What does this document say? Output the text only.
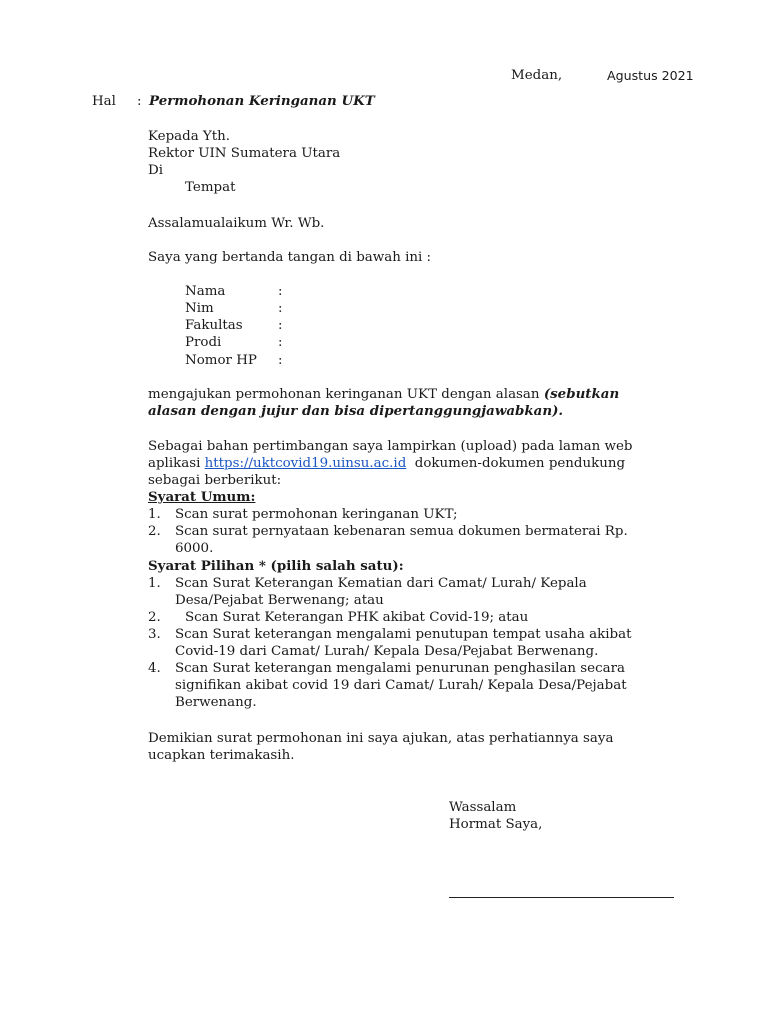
Medan,	Agustus 2021
Hal : Permohonan Keringanan UKT
Kepada Yth.
Rektor UIN Sumatera Utara
Di
Tempat
Assalamualaikum Wr. Wb.
Saya yang bertanda tangan di bawah ini :
Nama	:
Nim	:
Fakultas	:
Prodi	:
Nomor HP :
mengajukan permohonan keringanan UKT dengan alasan (sebutkan
alasan dengan jujur dan bisa dipertanggungjawabkan).
Sebagai bahan pertimbangan saya lampirkan (upload) pada laman web
aplikasi https://uktcovid19.uinsu.ac.id dokumen-dokumen pendukung
sebagai berberikut:
Syarat Umum:
1. Scan surat permohonan keringanan UKT;
2. Scan surat pernyataan kebenaran semua dokumen bermaterai Rp.
6000.
Syarat Pilihan * (pilih salah satu):
1. Scan Surat Keterangan Kematian dari Camat/ Lurah/ Kepala
Desa/Pejabat Berwenang; atau
2. Scan Surat Keterangan PHK akibat Covid-19; atau
3. Scan Surat keterangan mengalami penutupan tempat usaha akibat
Covid-19 dari Camat/ Lurah/ Kepala Desa/Pejabat Berwenang.
4. Scan Surat keterangan mengalami penurunan penghasilan secara
signifikan akibat covid 19 dari Camat/ Lurah/ Kepala Desa/Pejabat
Berwenang.
Demikian surat permohonan ini saya ajukan, atas perhatiannya saya
ucapkan terimakasih.
Wassalam
Hormat Saya,
